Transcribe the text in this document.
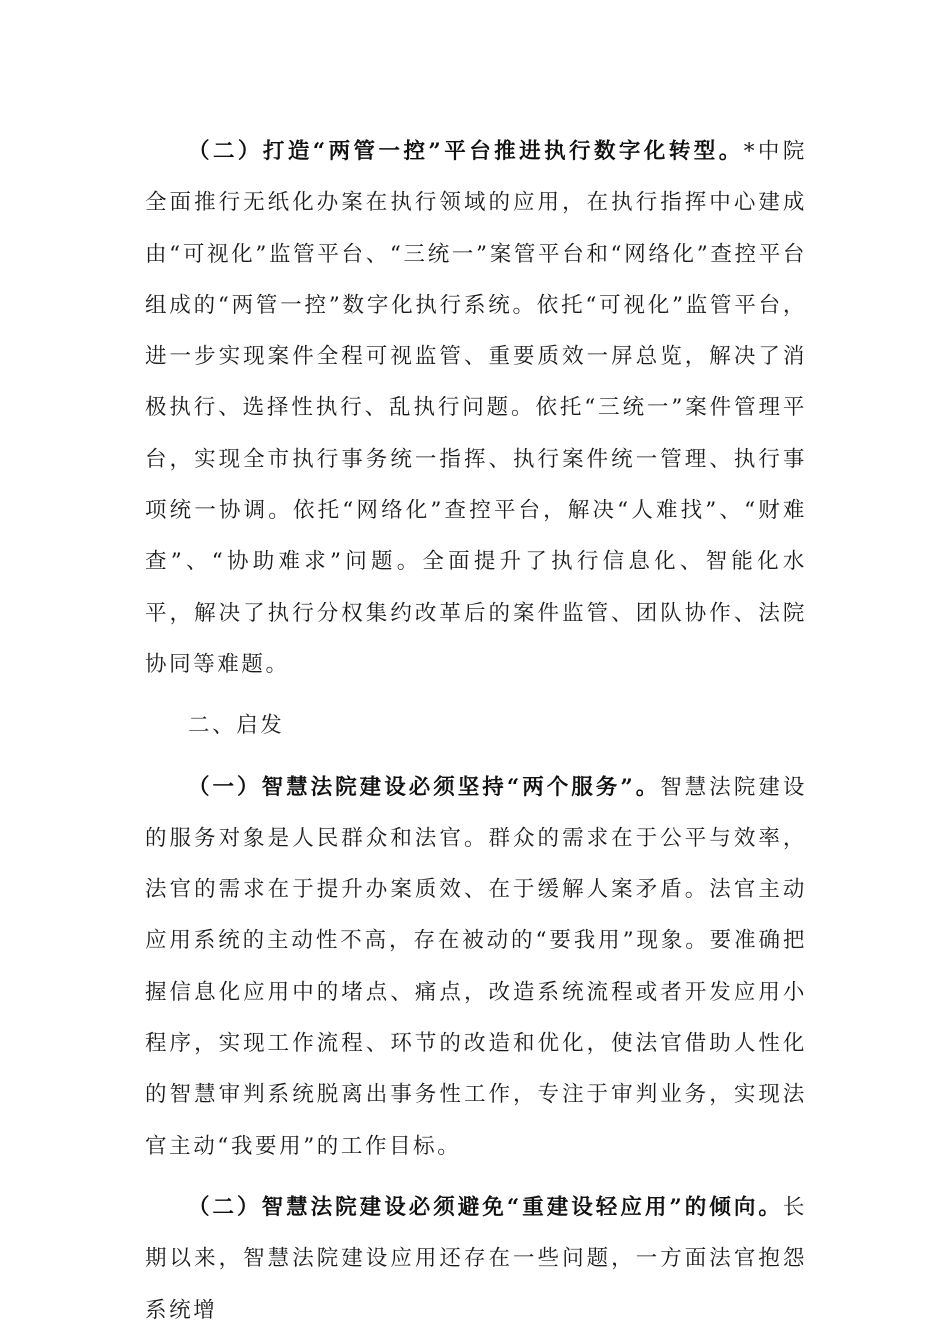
（二）打造“两管一控”平台推进执行数字化转型。*中院全面推行无纸化办案在执行领域的应用，在执行指挥中心建成由“可视化”监管平台、“三统一”案管平台和“网络化”查控平台组成的“两管一控”数字化执行系统。依托“可视化”监管平台，进一步实现案件全程可视监管、重要质效一屏总览，解决了消极执行、选择性执行、乱执行问题。依托“三统一”案件管理平台，实现全市执行事务统一指挥、执行案件统一管理、执行事项统一协调。依托“网络化”查控平台，解决“人难找”、“财难查”、“协助难求”问题。全面提升了执行信息化、智能化水平，解决了执行分权集约改革后的案件监管、团队协作、法院协同等难题。

二、启发

（一）智慧法院建设必须坚持“两个服务”。智慧法院建设的服务对象是人民群众和法官。群众的需求在于公平与效率，法官的需求在于提升办案质效、在于缓解人案矛盾。法官主动应用系统的主动性不高，存在被动的“要我用”现象。要准确把握信息化应用中的堵点、痛点，改造系统流程或者开发应用小程序，实现工作流程、环节的改造和优化，使法官借助人性化的智慧审判系统脱离出事务性工作，专注于审判业务，实现法官主动“我要用”的工作目标。

（二）智慧法院建设必须避免“重建设轻应用”的倾向。长期以来，智慧法院建设应用还存在一些问题，一方面法官抱怨系统增
